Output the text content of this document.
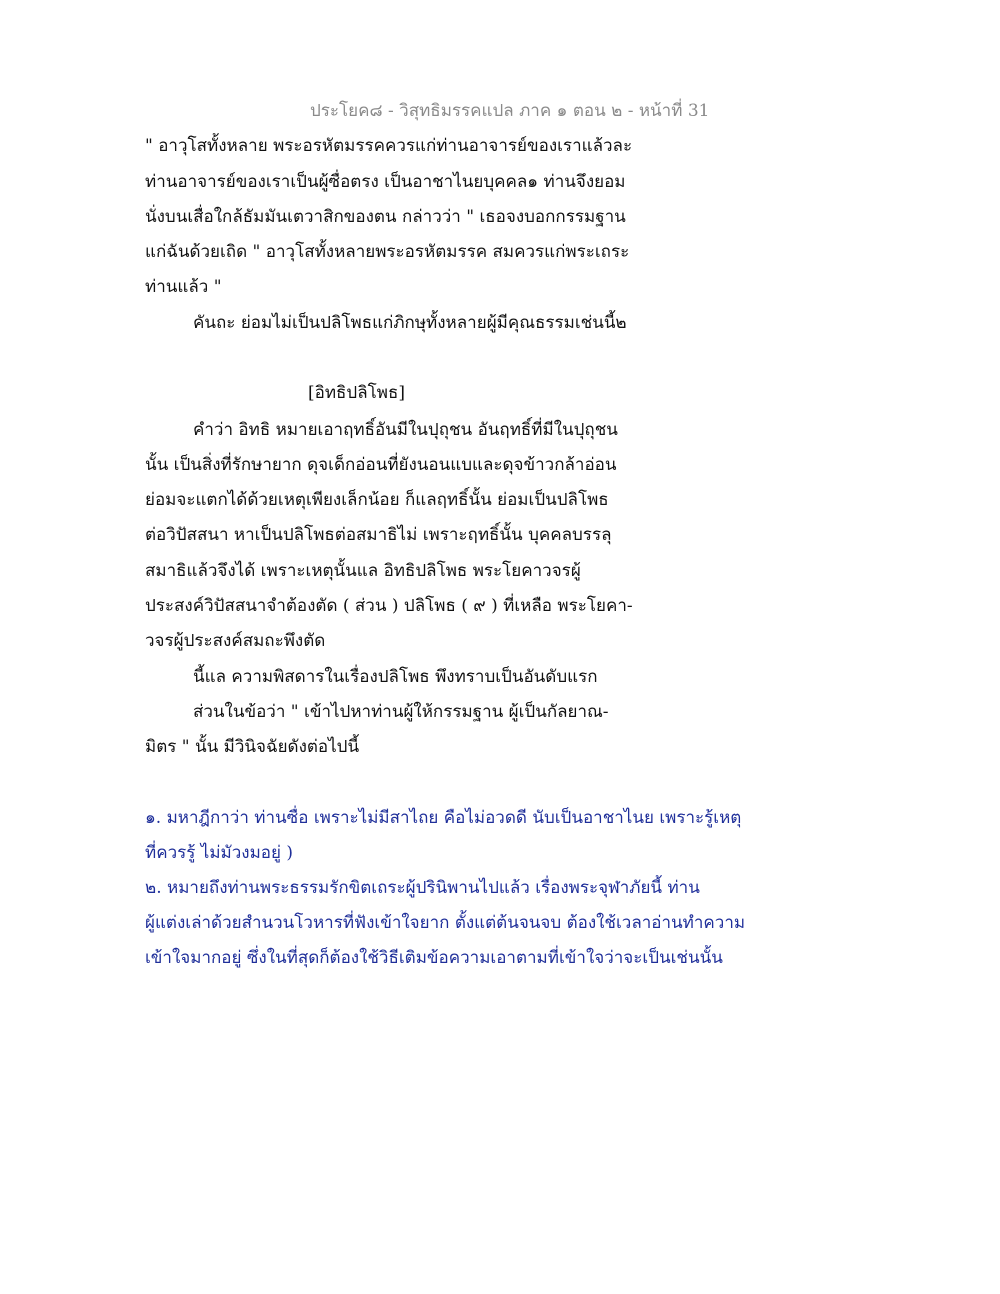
ประโยค๘ - วิสุทธิมรรคแปล ภาค ๑ ตอน ๒ - หน้าที่ 31
" อาวุโสทั้งหลาย พระอรหัตมรรคควรแก่ท่านอาจารย์ของเราแล้วละ
ท่านอาจารย์ของเราเป็นผู้ซื่อตรง เป็นอาชาไนยบุคคล๑ ท่านจึงยอม
นั่งบนเสื่อใกล้ธัมมันเตวาสิกของตน กล่าวว่า " เธอจงบอกกรรมฐาน
แก่ฉันด้วยเถิด " อาวุโสทั้งหลายพระอรหัตมรรค สมควรแก่พระเถระ
ท่านแล้ว "
คันถะ ย่อมไม่เป็นปลิโพธแก่ภิกษุทั้งหลายผู้มีคุณธรรมเช่นนี้๒
[อิทธิปลิโพธ]
คำว่า อิทธิ หมายเอาฤทธิ์อันมีในปุถุชน อันฤทธิ์ที่มีในปุถุชน
นั้น เป็นสิ่งที่รักษายาก ดุจเด็กอ่อนที่ยังนอนแบและดุจข้าวกล้าอ่อน
ย่อมจะแตกได้ด้วยเหตุเพียงเล็กน้อย ก็แลฤทธิ์นั้น ย่อมเป็นปลิโพธ
ต่อวิปัสสนา หาเป็นปลิโพธต่อสมาธิไม่ เพราะฤทธิ์นั้น บุคคลบรรลุ
สมาธิแล้วจึงได้ เพราะเหตุนั้นแล อิทธิปลิโพธ พระโยคาวจรผู้
ประสงค์วิปัสสนาจำต้องตัด ( ส่วน ) ปลิโพธ ( ๙ ) ที่เหลือ พระโยคา-
วจรผู้ประสงค์สมถะพึงตัด
นี้แล ความพิสดารในเรื่องปลิโพธ พึงทราบเป็นอันดับแรก
ส่วนในข้อว่า " เข้าไปหาท่านผู้ให้กรรมฐาน ผู้เป็นกัลยาณ-
มิตร " นั้น มีวินิจฉัยดังต่อไปนี้
๑. มหาฎีกาว่า ท่านซื่อ เพราะไม่มีสาไถย คือไม่อวดดี นับเป็นอาชาไนย เพราะรู้เหตุ
ที่ควรรู้ ไม่มัวงมอยู่ )
๒. หมายถึงท่านพระธรรมรักขิตเถระผู้ปรินิพานไปแล้ว เรื่องพระจุฬาภัยนี้ ท่าน
ผู้แต่งเล่าด้วยสำนวนโวหารที่ฟังเข้าใจยาก ตั้งแต่ต้นจนจบ ต้องใช้เวลาอ่านทำความ
เข้าใจมากอยู่ ซึ่งในที่สุดก็ต้องใช้วิธีเติมข้อความเอาตามที่เข้าใจว่าจะเป็นเช่นนั้น
